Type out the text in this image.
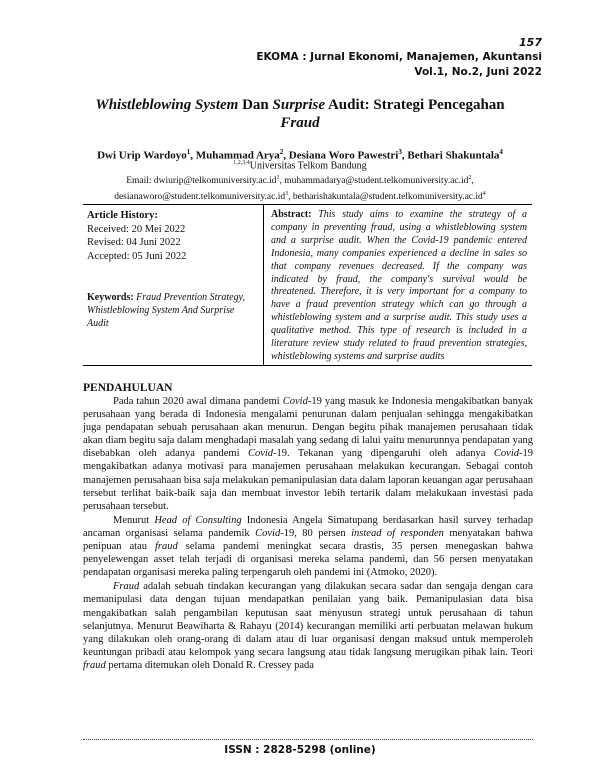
157
EKOMA : Jurnal Ekonomi, Manajemen, Akuntansi
Vol.1, No.2, Juni 2022
Whistleblowing System Dan Surprise Audit: Strategi Pencegahan
Fraud
Dwi Urip Wardoyo$^1$, Muhammad Arya$^2$, Desiana Woro Pawestri$^3$, Bethari Shakuntala$^4$
$^{1,2,3,4}$Universitas Telkom Bandung
Email: $dwiurip@telkomuniversity.ac.id^1$, $muhammadarya@student.telkomuniversity.ac.id^2$,
$desianaworo@student.telkomuniversity.ac.id^3$, $betharishakuntala@student.telkomuniversity.ac.id^4$
Article History:
Received: 20 Mei 2022
Revised: 04 Juni 2022
Accepted: 05 Juni 2022
Keywords: Fraud Prevention Strategy, Whistleblowing System And Surprise Audit
Abstract: This study aims to examine the strategy of a company in preventing fraud, using a whistleblowing system and a surprise audit. When the Covid-19 pandemic entered Indonesia, many companies experienced a decline in sales so that company revenues decreased. If the company was indicated by fraud, the company's survival would be threatened. Therefore, it is very important for a company to have a fraud prevention strategy which can go through a whistleblowing system and a surprise audit. This study uses a qualitative method. This type of research is included in a literature review study related to fraud prevention strategies, whistleblowing systems and surprise audits
PENDAHULUAN

Pada tahun 2020 awal dimana pandemi Covid-19 yang masuk ke Indonesia mengakibatkan banyak perusahaan yang berada di Indonesia mengalami penurunan dalam penjualan sehingga mengakibatkan juga pendapatan sebuah perusahaan akan menurun. Dengan begitu pihak manajemen perusahaan tidak akan diam begitu saja dalam menghadapi masalah yang sedang di lalui yaitu menurunnya pendapatan yang disebabkan oleh adanya pandemi Covid-19. Tekanan yang dipengaruhi oleh adanya Covid-19 mengakibatkan adanya motivasi para manajemen perusahaan melakukan kecurangan. Sebagai contoh manajemen perusahaan bisa saja melakukan pemanipulasian data dalam laporan keuangan agar perusahaan tersebut terlihat baik-baik saja dan membuat investor lebih tertarik dalam melakukaan investasi pada perusahaan tersebut.

Menurut Head of Consulting Indonesia Angela Simatupang berdasarkan hasil survey terhadap ancaman organisasi selama pandemik Covid-19, 80 persen instead of responden menyatakan bahwa penipuan atau fraud selama pandemi meningkat secara drastis, 35 persen menegaskan bahwa penyelewengan asset telah terjadi di organisasi mereka selama pandemi, dan 56 persen menyatakan pendapatan organisasi mereka paling terpengaruh oleh pandemi ini (Atmoko, 2020).

Fraud adalah sebuah tindakan kecurangan yang dilakukan secara sadar dan sengaja dengan cara memanipulasi data dengan tujuan mendapatkan penilaian yang baik. Pemanipulasian data bisa mengakibatkan salah pengambilan keputusan saat menyusun strategi untuk perusahaan di tahun selanjutnya. Menurut Beawiharta & Rahayu (2014) kecurangan memiliki arti perbuatan melawan hukum yang dilakukan oleh orang-orang di dalam atau di luar organisasi dengan maksud untuk memperoleh keuntungan pribadi atau kelompok yang secara langsung atau tidak langsung merugikan pihak lain. Teori fraud pertama ditemukan oleh Donald R. Cressey pada

ISSN : 2828-5298 (online)
